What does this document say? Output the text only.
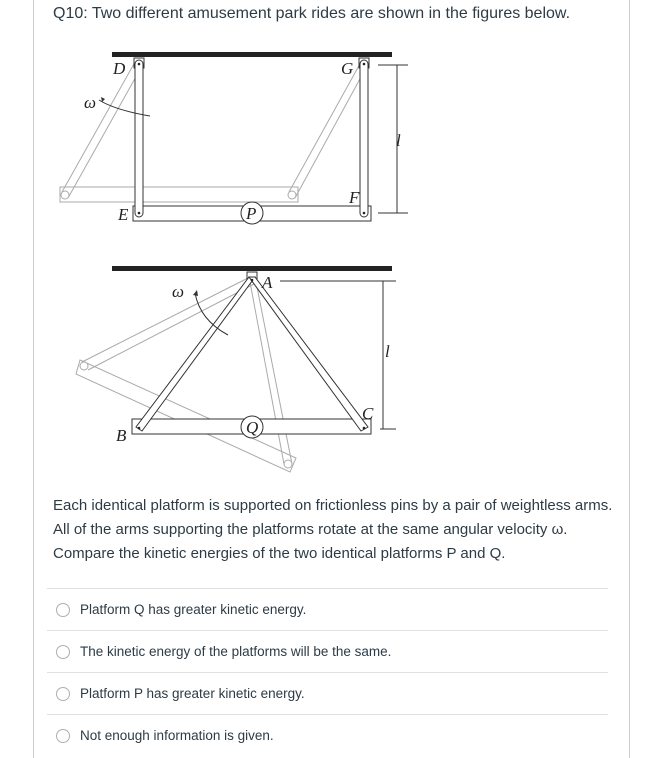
Q10: Two different amusement park rides are shown in the figures below.
D	G
E
F
P
ω
l
A
B
C
Q
ω
l
Each identical platform is supported on frictionless pins by a pair of weightless arms. All of the arms supporting the platforms rotate at the same angular velocity ω. Compare the kinetic energies of the two identical platforms P and Q.
Platform Q has greater kinetic energy.
The kinetic energy of the platforms will be the same.
Platform P has greater kinetic energy.
Not enough information is given.
